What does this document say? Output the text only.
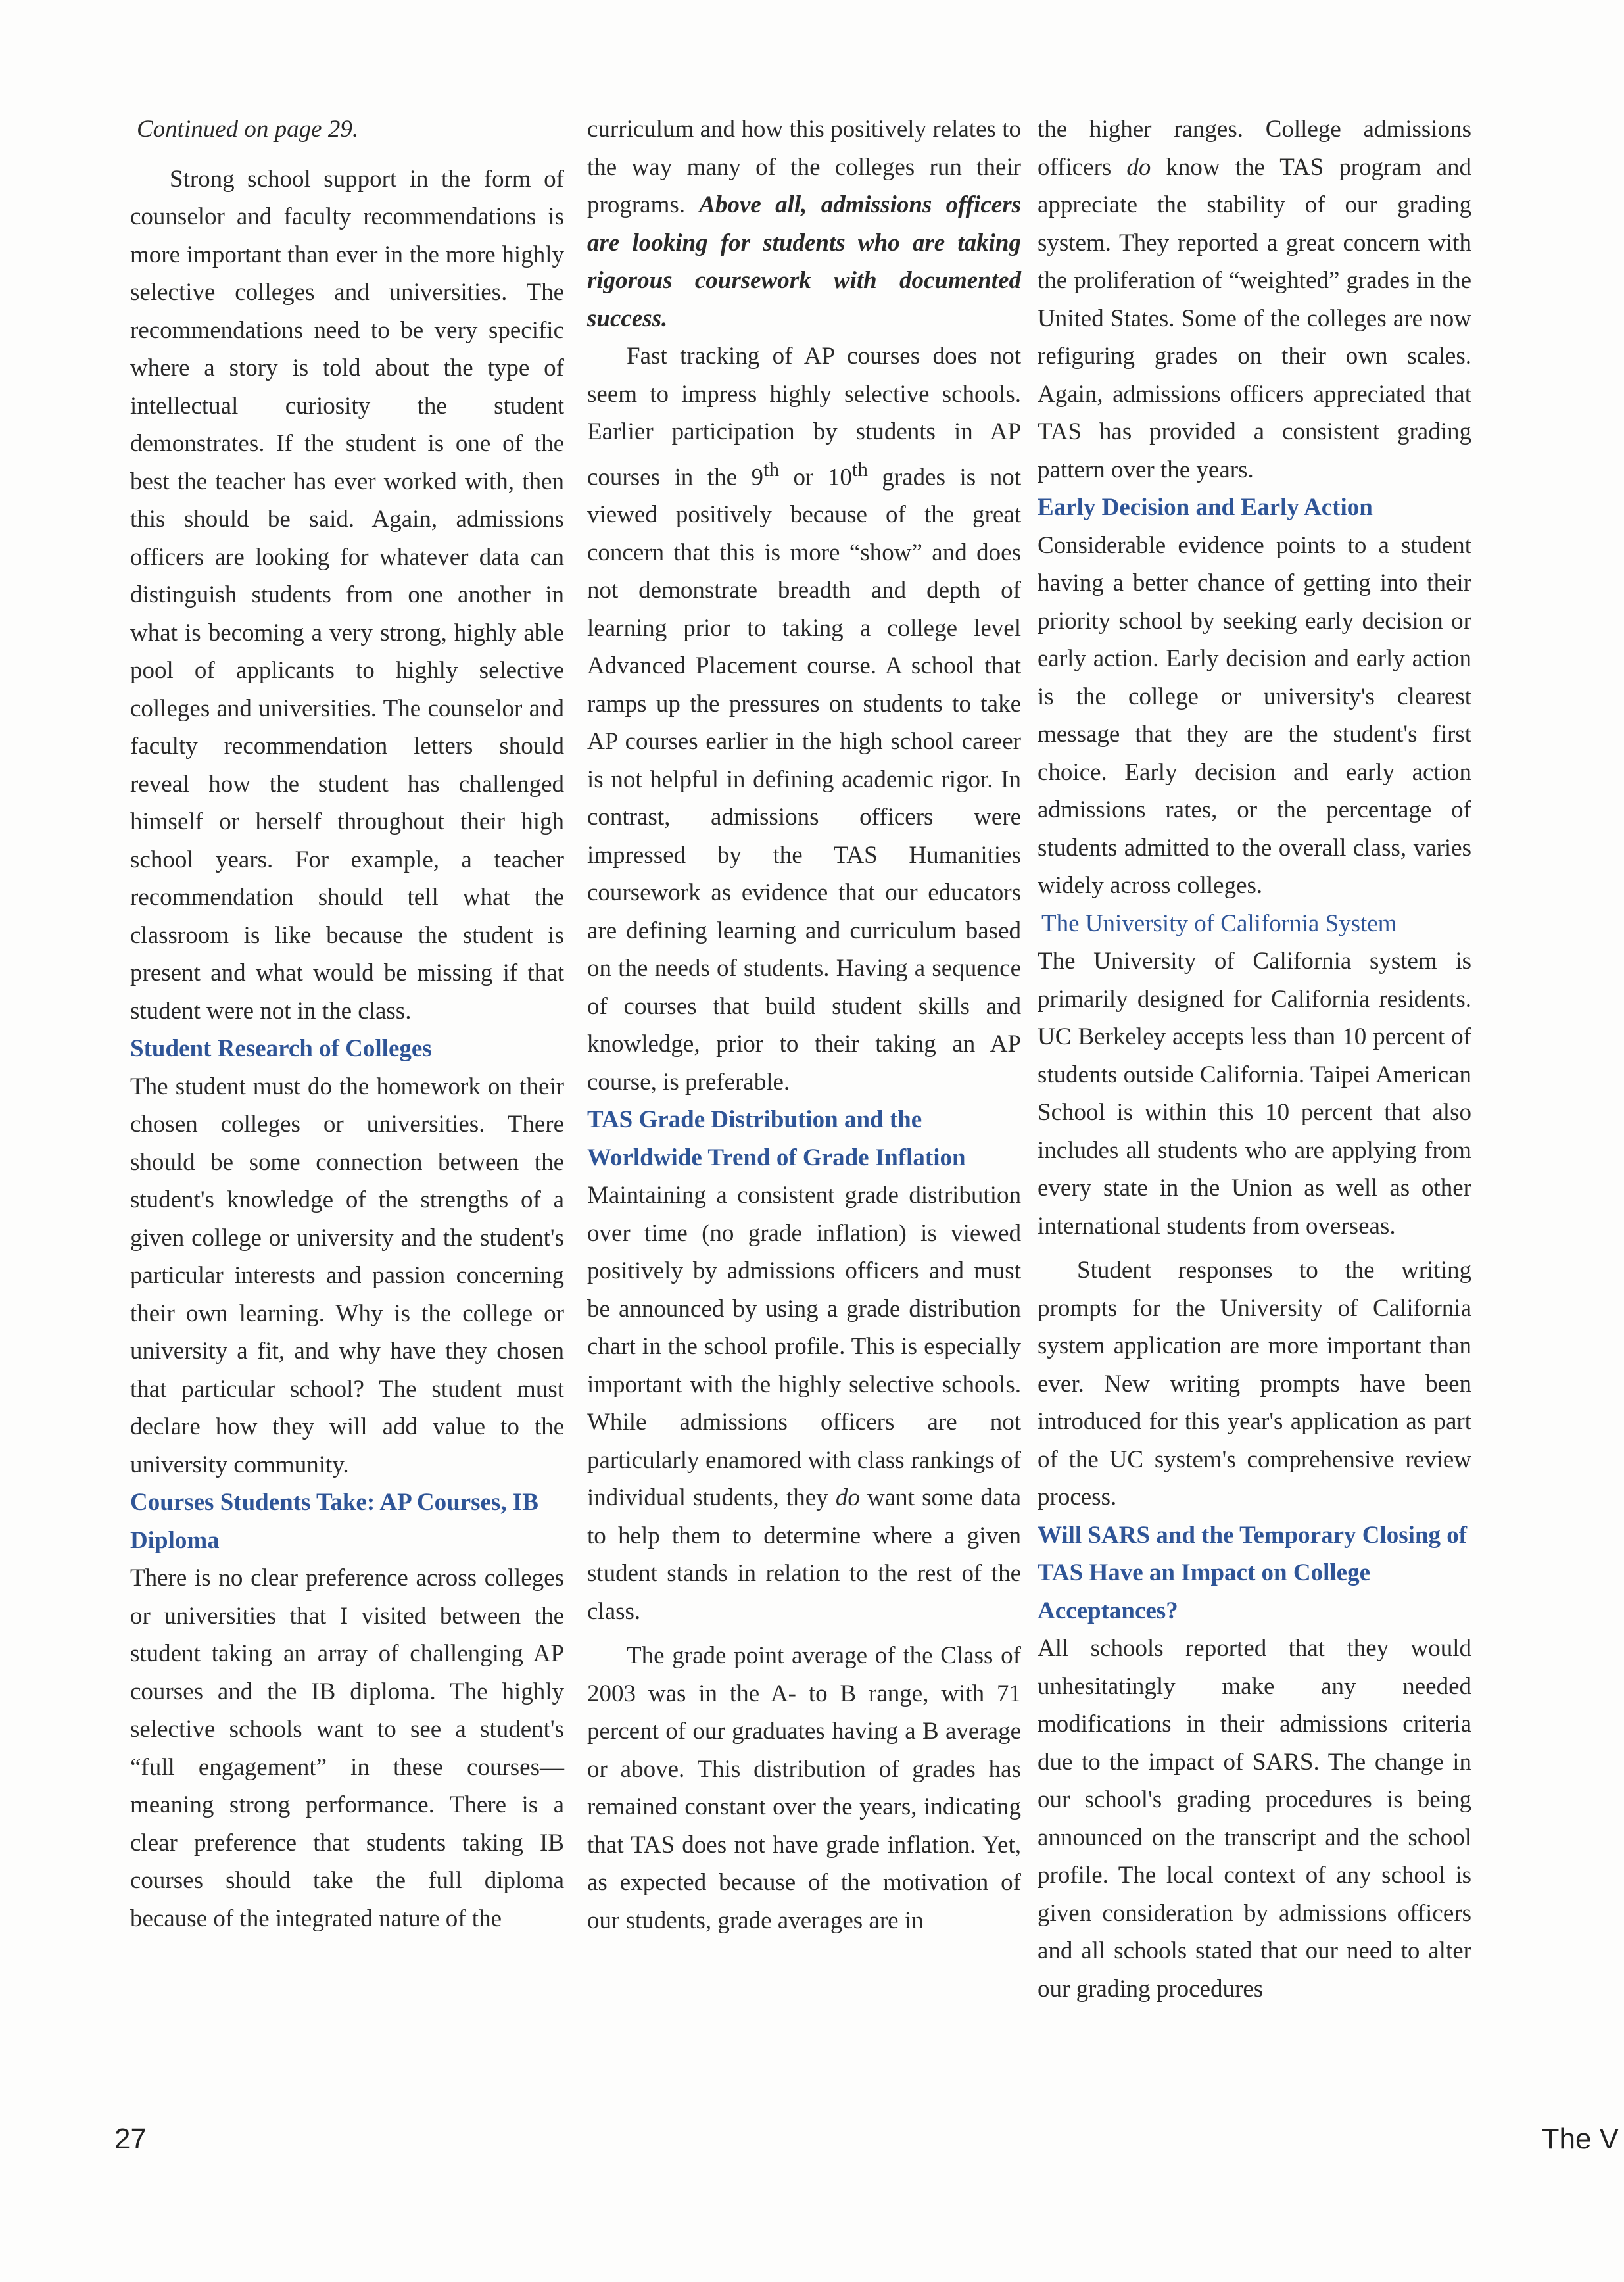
Continued on page 29.

Strong school support in the form of counselor and faculty recommendations is more important than ever in the more highly selective colleges and universities. The recommendations need to be very specific where a story is told about the type of intellectual curiosity the student demonstrates. If the student is one of the best the teacher has ever worked with, then this should be said. Again, admissions officers are looking for whatever data can distinguish students from one another in what is becoming a very strong, highly able pool of applicants to highly selective colleges and universities. The counselor and faculty recommendation letters should reveal how the student has challenged himself or herself throughout their high school years. For example, a teacher recommendation should tell what the classroom is like because the student is present and what would be missing if that student were not in the class.

Student Research of Colleges

The student must do the homework on their chosen colleges or universities. There should be some connection between the student's knowledge of the strengths of a given college or university and the student's particular interests and passion concerning their own learning. Why is the college or university a fit, and why have they chosen that particular school? The student must declare how they will add value to the university community.

Courses Students Take: AP Courses, IB Diploma

There is no clear preference across colleges or universities that I visited between the student taking an array of challenging AP courses and the IB diploma. The highly selective schools want to see a student's “full engagement” in these courses—meaning strong performance. There is a clear preference that students taking IB courses should take the full diploma because of the integrated nature of the

curriculum and how this positively relates to the way many of the colleges run their programs. Above all, admissions officers are looking for students who are taking rigorous coursework with documented success.

Fast tracking of AP courses does not seem to impress highly selective schools. Earlier participation by students in AP courses in the 9th or 10th grades is not viewed positively because of the great concern that this is more “show” and does not demonstrate breadth and depth of learning prior to taking a college level Advanced Placement course. A school that ramps up the pressures on students to take AP courses earlier in the high school career is not helpful in defining academic rigor. In contrast, admissions officers were impressed by the TAS Humanities coursework as evidence that our educators are defining learning and curriculum based on the needs of students. Having a sequence of courses that build student skills and knowledge, prior to their taking an AP course, is preferable.

TAS Grade Distribution and the Worldwide Trend of Grade Inflation

Maintaining a consistent grade distribution over time (no grade inflation) is viewed positively by admissions officers and must be announced by using a grade distribution chart in the school profile. This is especially important with the highly selective schools. While admissions officers are not particularly enamored with class rankings of individual students, they do want some data to help them to determine where a given student stands in relation to the rest of the class.

The grade point average of the Class of 2003 was in the A- to B range, with 71 percent of our graduates having a B average or above. This distribution of grades has remained constant over the years, indicating that TAS does not have grade inflation. Yet, as expected because of the motivation of our students, grade averages are in

the higher ranges. College admissions officers do know the TAS program and appreciate the stability of our grading system. They reported a great concern with the proliferation of “weighted” grades in the United States. Some of the colleges are now refiguring grades on their own scales. Again, admissions officers appreciated that TAS has provided a consistent grading pattern over the years.

Early Decision and Early Action

Considerable evidence points to a student having a better chance of getting into their priority school by seeking early decision or early action. Early decision and early action is the college or university's clearest message that they are the student's first choice. Early decision and early action admissions rates, or the percentage of students admitted to the overall class, varies widely across colleges.

The University of California System

The University of California system is primarily designed for California residents. UC Berkeley accepts less than 10 percent of students outside California. Taipei American School is within this 10 percent that also includes all students who are applying from every state in the Union as well as other international students from overseas.

Student responses to the writing prompts for the University of California system application are more important than ever. New writing prompts have been introduced for this year's application as part of the UC system's comprehensive review process.

Will SARS and the Temporary Closing of TAS Have an Impact on College Acceptances?

All schools reported that they would unhesitatingly make any needed modifications in their admissions criteria due to the impact of SARS. The change in our school's grading procedures is being announced on the transcript and the school profile. The local context of any school is given consideration by admissions officers and all schools stated that our need to alter our grading procedures

27	The V
